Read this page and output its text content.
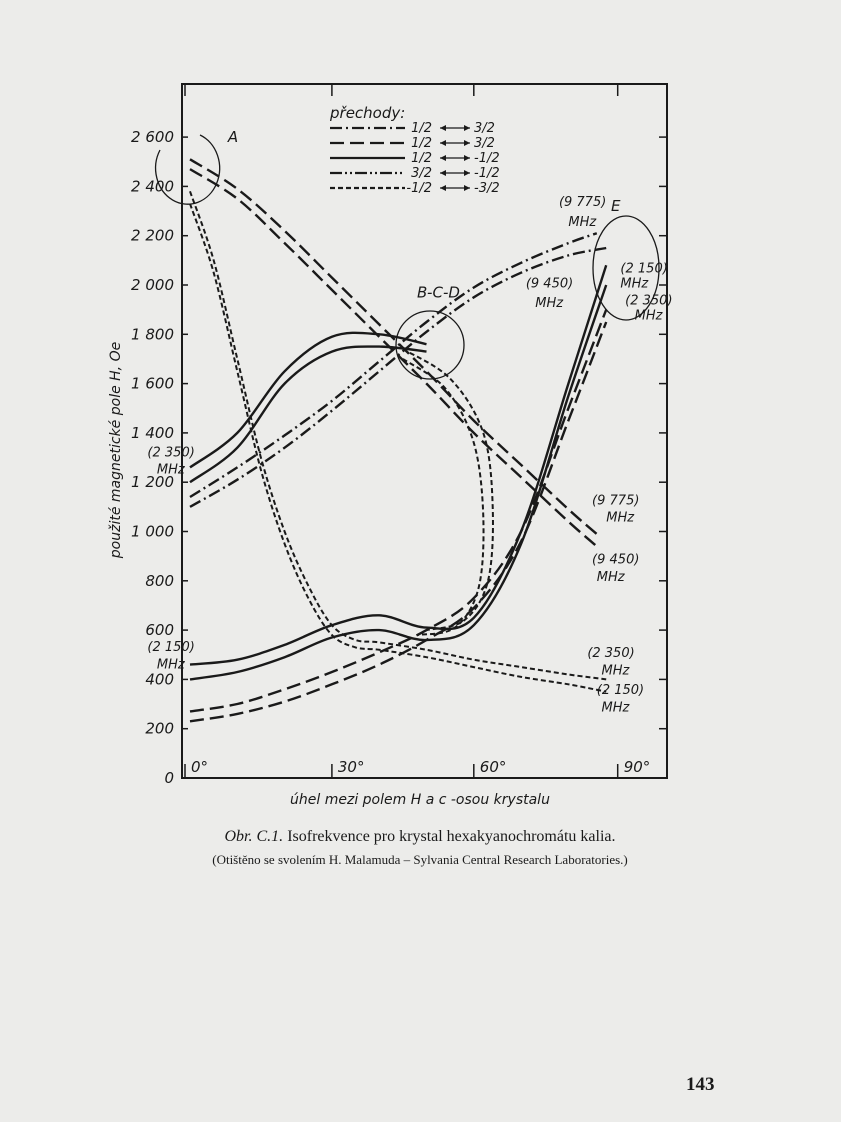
0
200
400
600
800
1 000
1 200
1 400
1 600
1 800
2 000
2 200
2 400
2 600
0°	30°	60°	90°
přechody:
1/2	3/2
1/2	3/2
1/2	-1/2
3/2	-1/2
-1/2	-3/2
A
B-C-D
E
(9 775)
MHz
(9 450)
MHz
(2 150)
MHz
(2 350)
MHz
(9 775)
MHz
(9 450)
MHz
(2 350)
MHz
(2 150)
MHz
(2 350)
MHz
(2 150)
MHz
použité magnetické pole H, Oe
úhel mezi polem H a c -osou krystalu
Obr. C.1. Isofrekvence pro krystal hexakyanochromátu kalia.
(Otištěno se svolením H. Malamuda – Sylvania Central Research Laboratories.)
143
